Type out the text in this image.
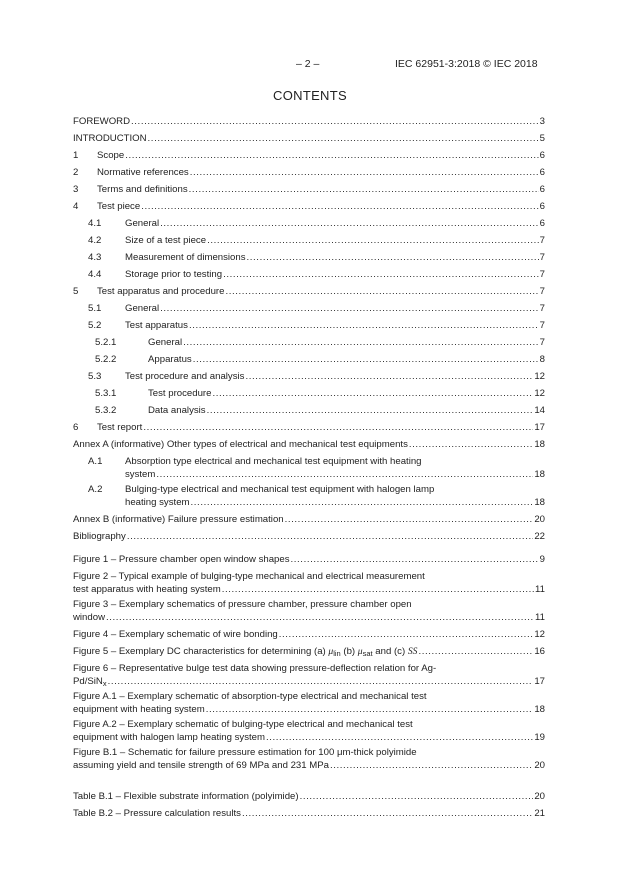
– 2 –	IEC 62951-3:2018 © IEC 2018
CONTENTS
FOREWORD .....	3
INTRODUCTION .....	5
1	Scope .....	6
2	Normative references .....	6
3	Terms and definitions .....	6
4	Test piece .....	6
4.1	General .....	6
4.2	Size of a test piece .....	7
4.3	Measurement of dimensions .....	7
4.4	Storage prior to testing .....	7
5	Test apparatus and procedure .....	7
5.1	General .....	7
5.2	Test apparatus .....	7
5.2.1	General .....	7
5.2.2	Apparatus .....	8
5.3	Test procedure and analysis .....	12
5.3.1	Test procedure .....	12
5.3.2	Data analysis .....	14
6	Test report .....	17
Annex A (informative) Other types of electrical and mechanical test equipments .....	18
A.1	Absorption type electrical and mechanical test equipment with heating
system .....	18
A.2	Bulging-type electrical and mechanical test equipment with halogen lamp
heating system .....	18
Annex B (informative) Failure pressure estimation .....	20
Bibliography .....	22
Figure 1 – Pressure chamber open window shapes .....	9
Figure 2 – Typical example of bulging-type mechanical and electrical measurement
test apparatus with heating system .....	11
Figure 3 – Exemplary schematics of pressure chamber, pressure chamber open
window .....	11
Figure 4 – Exemplary schematic of wire bonding .....	12
Figure 5 – Exemplary DC characteristics for determining (a) $\mu_{lin}$ (b) $\mu_{sat}$ and (c) SS .....	16
Figure 6 – Representative bulge test data showing pressure-deflection relation for Ag-
Pd/SiN$_x$ .....	17
Figure A.1 – Exemplary schematic of absorption-type electrical and mechanical test
equipment with heating system .....	18
Figure A.2 – Exemplary schematic of bulging-type electrical and mechanical test
equipment with halogen lamp heating system .....	19
Figure B.1 – Schematic for failure pressure estimation for 100 μm-thick polyimide
assuming yield and tensile strength of 69 MPa and 231 MPa .....	20
Table B.1 – Flexible substrate information (polyimide) .....	20
Table B.2 – Pressure calculation results .....	21
